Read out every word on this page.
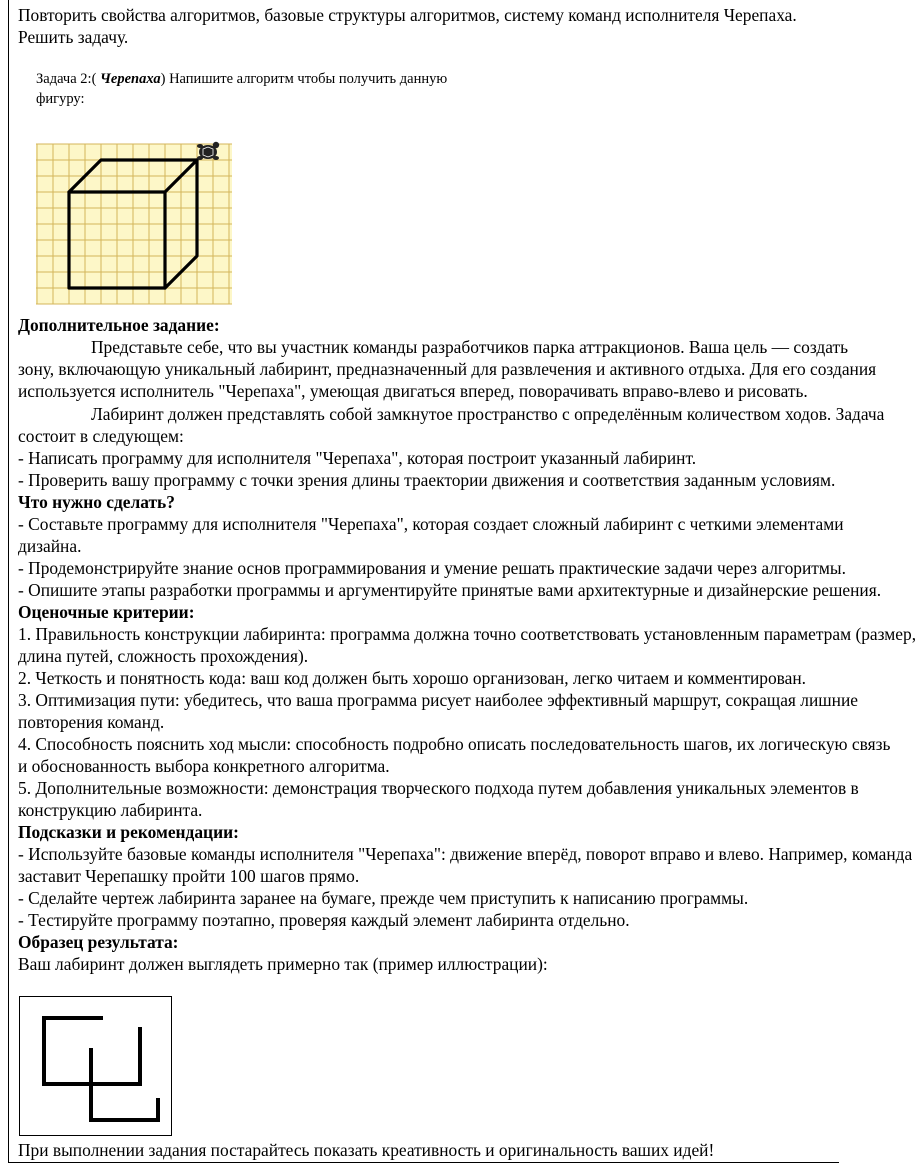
Повторить свойства алгоритмов, базовые структуры алгоритмов, систему команд исполнителя Черепаха.
Решить задачу.
Задача 2:( Черепаха) Напишите алгоритм чтобы получить данную
фигуру:
Дополнительное задание:
Представьте себе, что вы участник команды разработчиков парка аттракционов. Ваша цель — создать
зону, включающую уникальный лабиринт, предназначенный для развлечения и активного отдыха. Для его создания
используется исполнитель "Черепаха", умеющая двигаться вперед, поворачивать вправо-влево и рисовать.
Лабиринт должен представлять собой замкнутое пространство с определённым количеством ходов. Задача
состоит в следующем:
- Написать программу для исполнителя "Черепаха", которая построит указанный лабиринт.
- Проверить вашу программу с точки зрения длины траектории движения и соответствия заданным условиям.
Что нужно сделать?
- Составьте программу для исполнителя "Черепаха", которая создает сложный лабиринт с четкими элементами
дизайна.
- Продемонстрируйте знание основ программирования и умение решать практические задачи через алгоритмы.
- Опишите этапы разработки программы и аргументируйте принятые вами архитектурные и дизайнерские решения.
Оценочные критерии:
1. Правильность конструкции лабиринта: программа должна точно соответствовать установленным параметрам (размер,
длина путей, сложность прохождения).
2. Четкость и понятность кода: ваш код должен быть хорошо организован, легко читаем и комментирован.
3. Оптимизация пути: убедитесь, что ваша программа рисует наиболее эффективный маршрут, сокращая лишние
повторения команд.
4. Способность пояснить ход мысли: способность подробно описать последовательность шагов, их логическую связь
и обоснованность выбора конкретного алгоритма.
5. Дополнительные возможности: демонстрация творческого подхода путем добавления уникальных элементов в
конструкцию лабиринта.
Подсказки и рекомендации:
- Используйте базовые команды исполнителя "Черепаха": движение вперёд, поворот вправо и влево. Например, команда
заставит Черепашку пройти 100 шагов прямо.
- Сделайте чертеж лабиринта заранее на бумаге, прежде чем приступить к написанию программы.
- Тестируйте программу поэтапно, проверяя каждый элемент лабиринта отдельно.
Образец результата:
Ваш лабиринт должен выглядеть примерно так (пример иллюстрации):
При выполнении задания постарайтесь показать креативность и оригинальность ваших идей!
